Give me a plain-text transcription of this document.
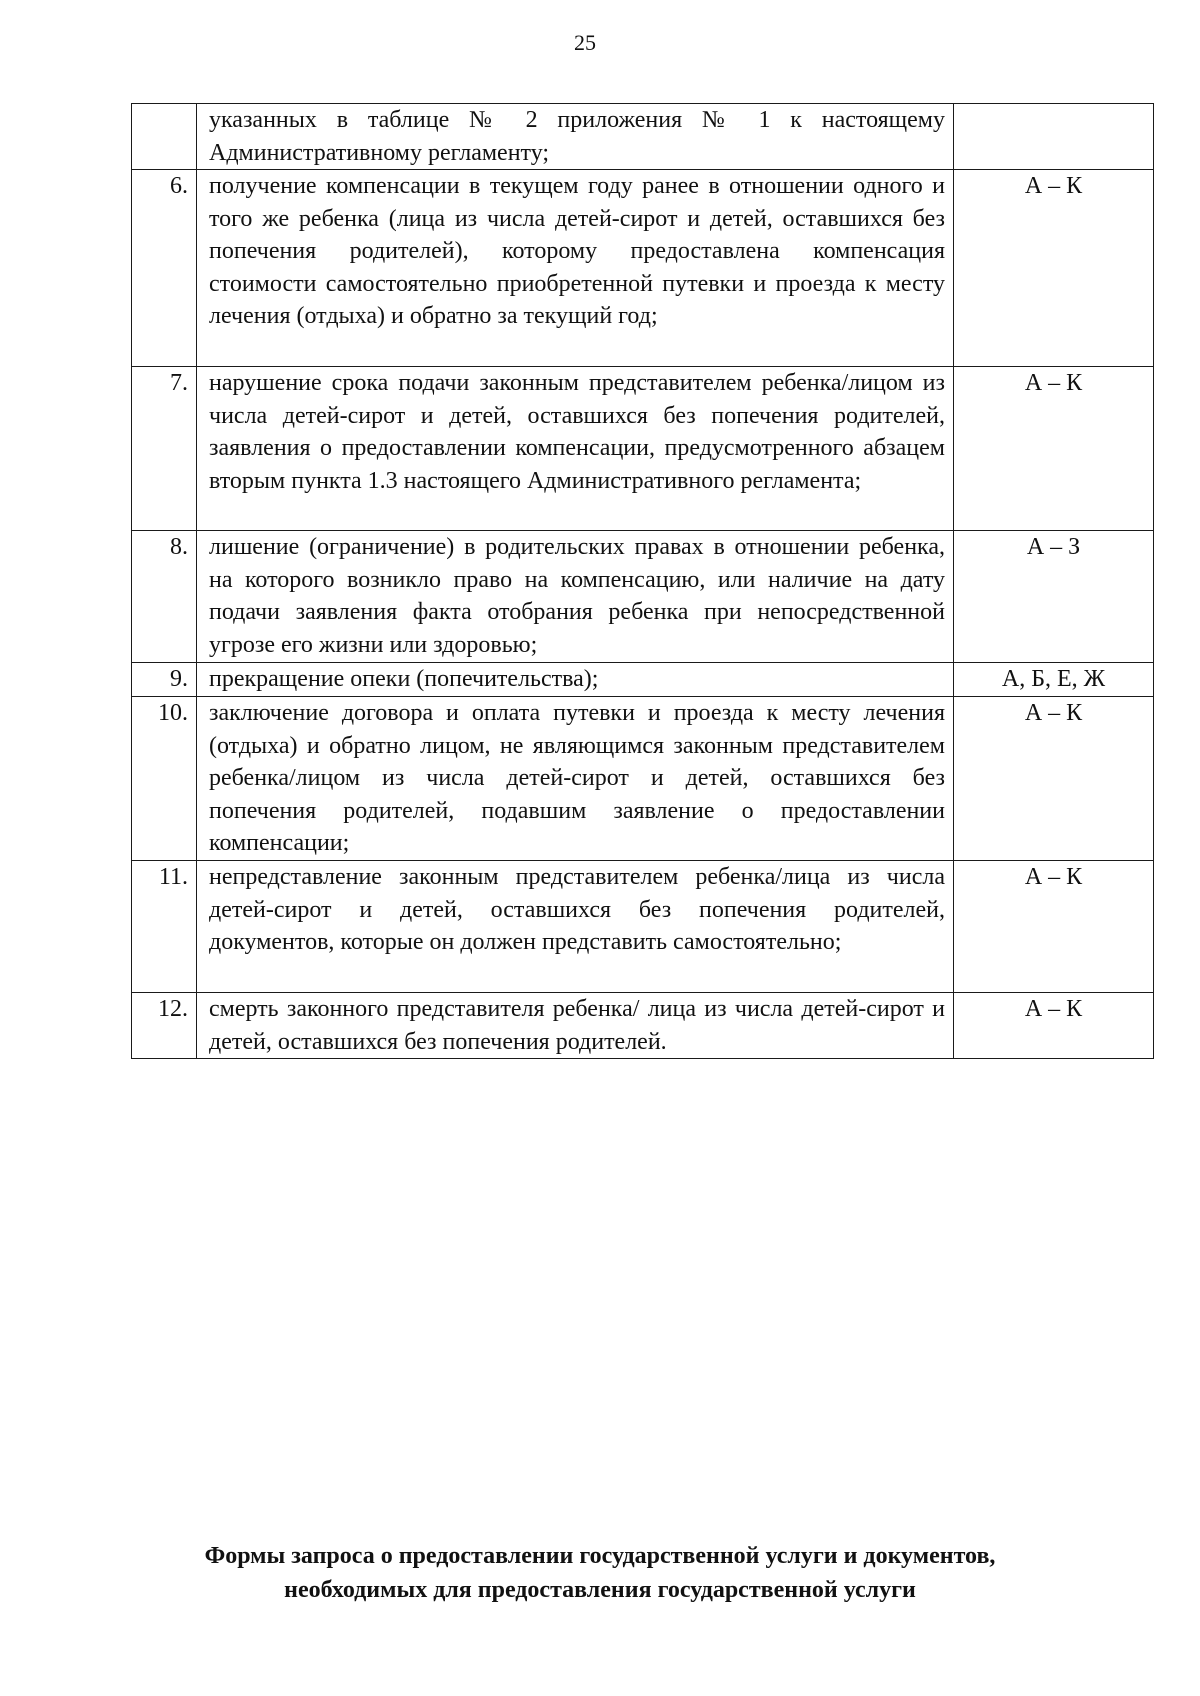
25
	указанных в таблице № 2 приложения № 1 к настоящему Административному регламенту;	
6.	получение компенсации в текущем году ранее в отношении одного и того же ребенка (лица из числа детей-сирот и детей, оставшихся без попечения родителей), которому предоставлена компенсация стоимости самостоятельно приобретенной путевки и проезда к месту лечения (отдыха) и обратно за текущий год;	А – К
7.	нарушение срока подачи законным представителем ребенка/лицом из числа детей-сирот и детей, оставшихся без попечения родителей, заявления о предоставлении компенсации, предусмотренного абзацем вторым пункта 1.3 настоящего Административного регламента;	А – К
8.	лишение (ограничение) в родительских правах в отношении ребенка, на которого возникло право на компенсацию, или наличие на дату подачи заявления факта отобрания ребенка при непосредственной угрозе его жизни или здоровью;	А – З
9.	прекращение опеки (попечительства);	А, Б, Е, Ж
10.	заключение договора и оплата путевки и проезда к месту лечения (отдыха) и обратно лицом, не являющимся законным представителем ребенка/лицом из числа детей-сирот и детей, оставшихся без попечения родителей, подавшим заявление о предоставлении компенсации;	А – К
11.	непредставление законным представителем ребенка/лица из числа детей-сирот и детей, оставшихся без попечения родителей, документов, которые он должен представить самостоятельно;	А – К
12.	смерть законного представителя ребенка/ лица из числа детей-сирот и детей, оставшихся без попечения родителей.	А – К
Формы запроса о предоставлении государственной услуги и документов,
необходимых для предоставления государственной услуги
